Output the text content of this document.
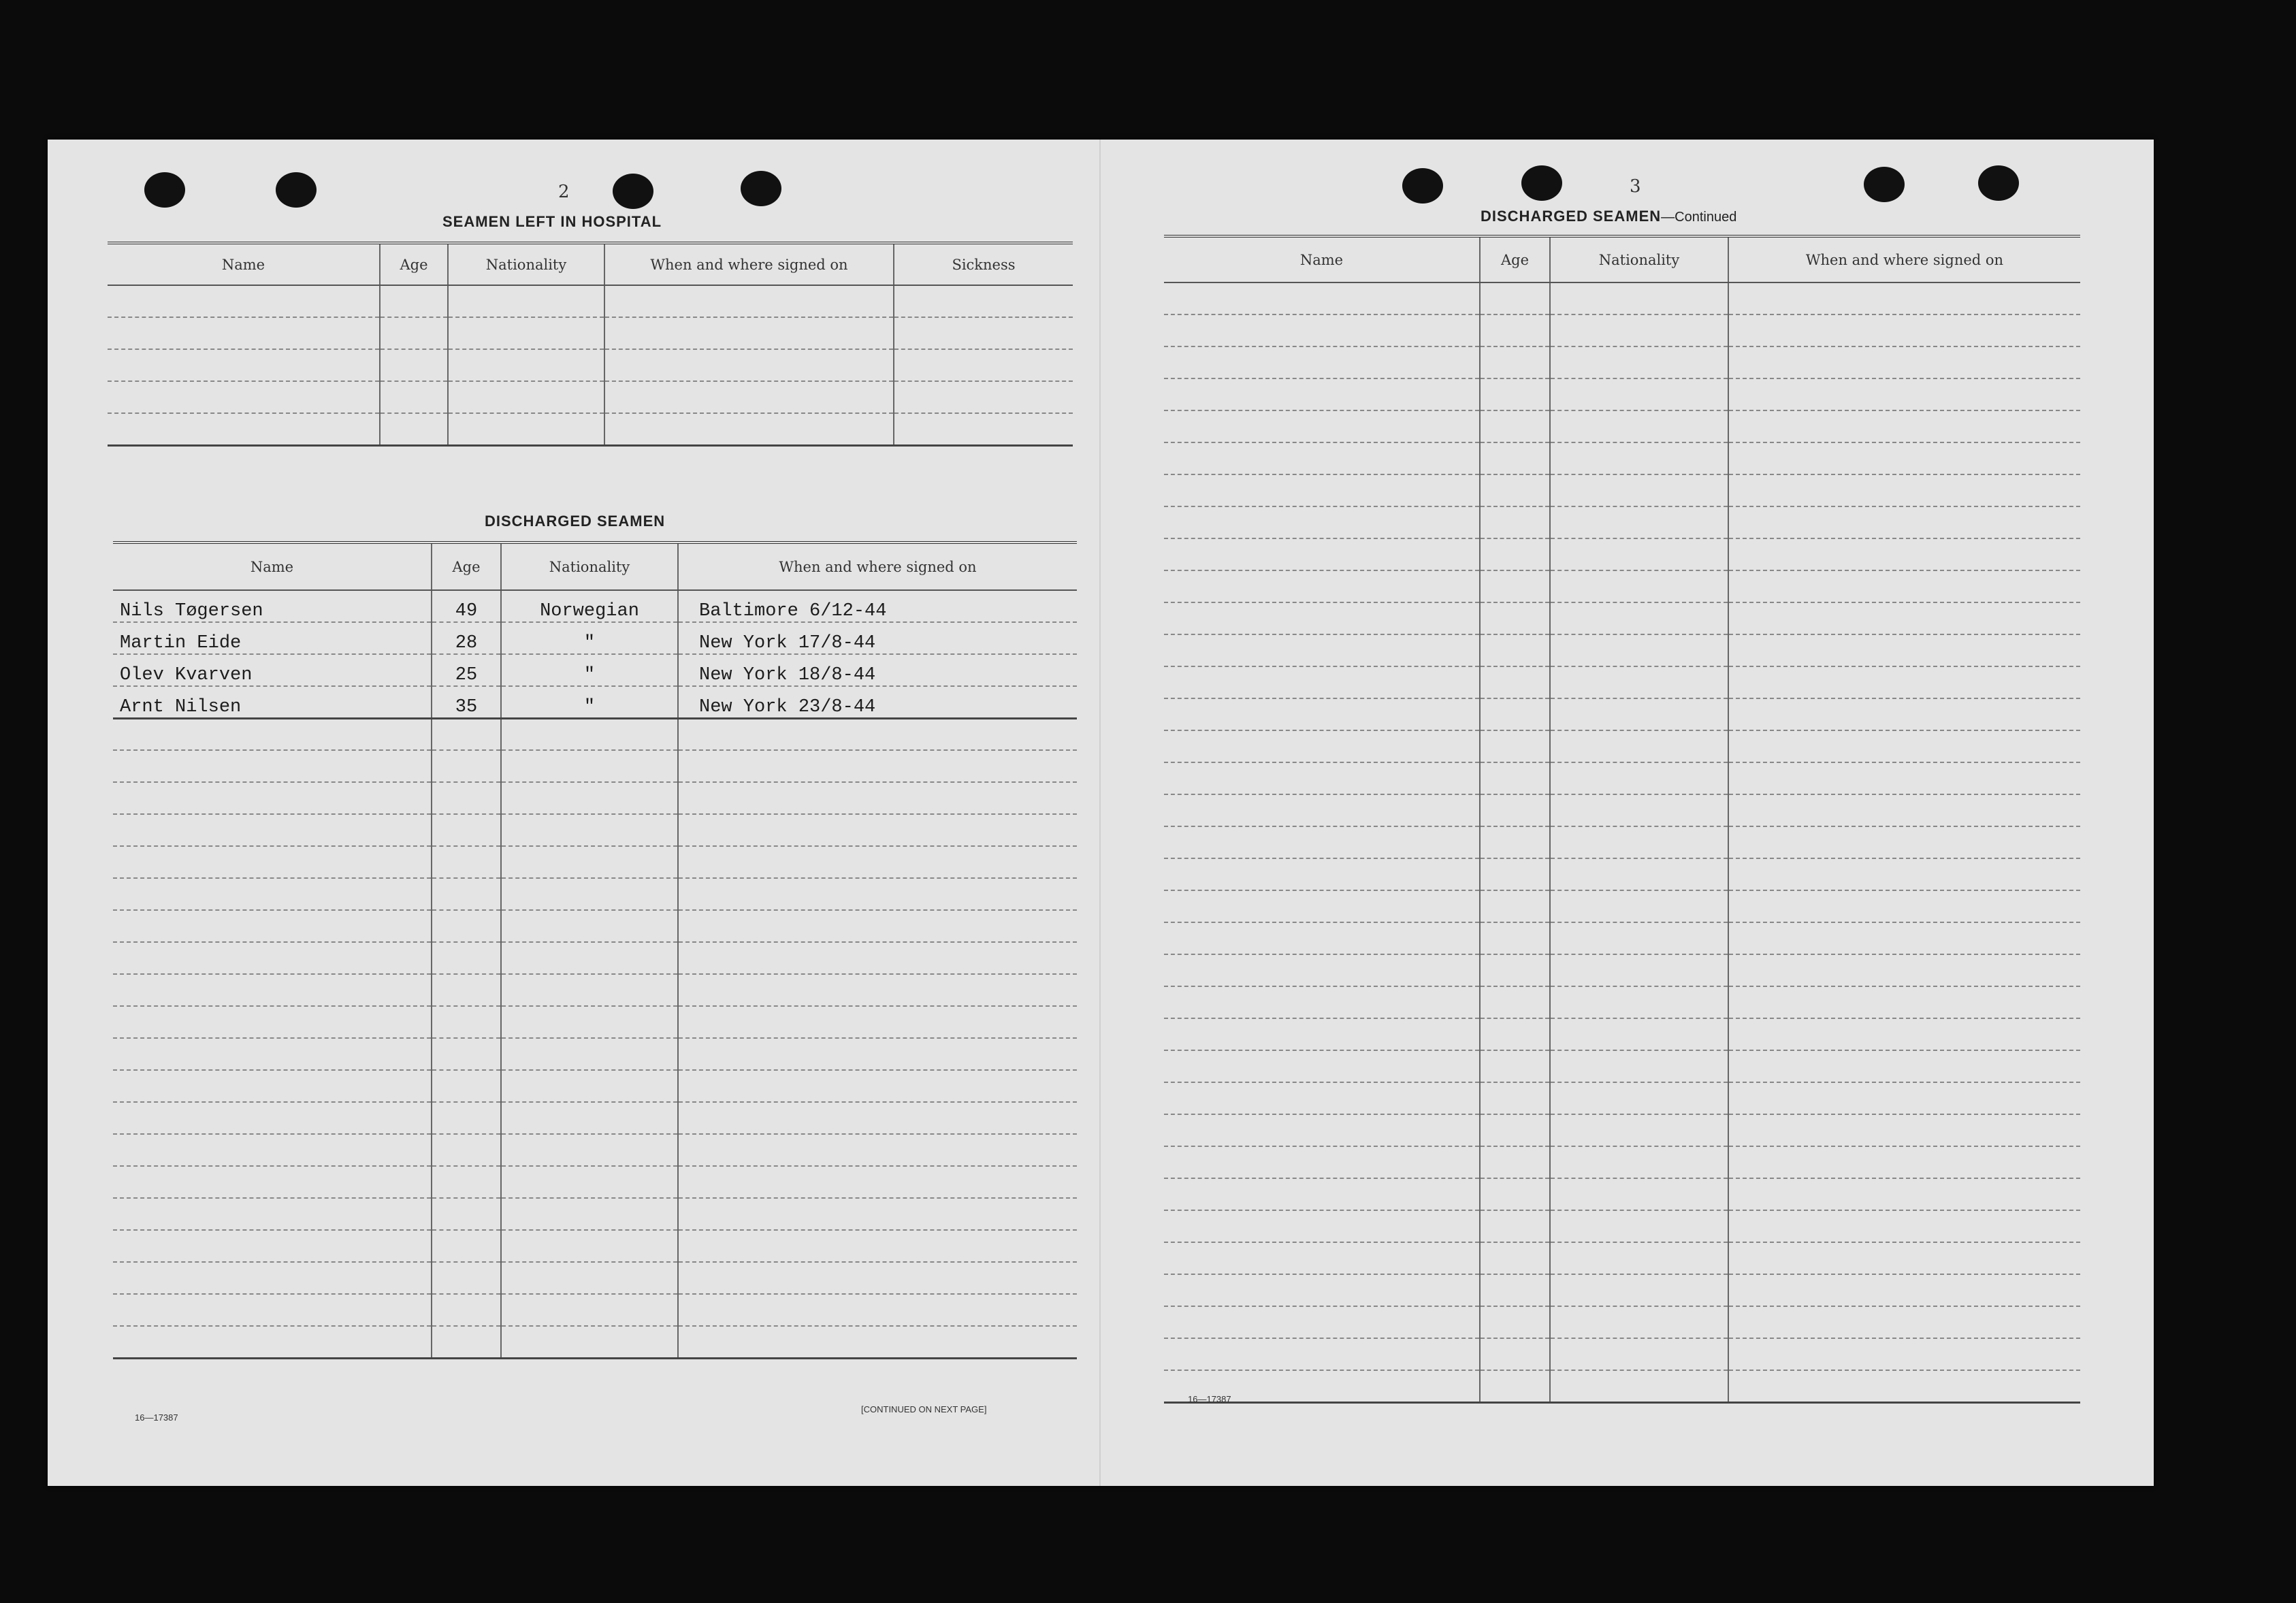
2
SEAMEN LEFT IN HOSPITAL
Name	Age	Nationality	When and where signed on	Sickness

DISCHARGED SEAMEN
Name	Age	Nationality	When and where signed on
Nils Tøgersen	49	Norwegian	Baltimore 6/12-44
Martin Eide	28	"	New York 17/8-44
Olev Kvarven	25	"	New York 18/8-44
Arnt Nilsen	35	"	New York 23/8-44

16—17387
[CONTINUED ON NEXT PAGE]
3
DISCHARGED SEAMEN—Continued
Name	Age	Nationality	When and where signed on

16—17387
